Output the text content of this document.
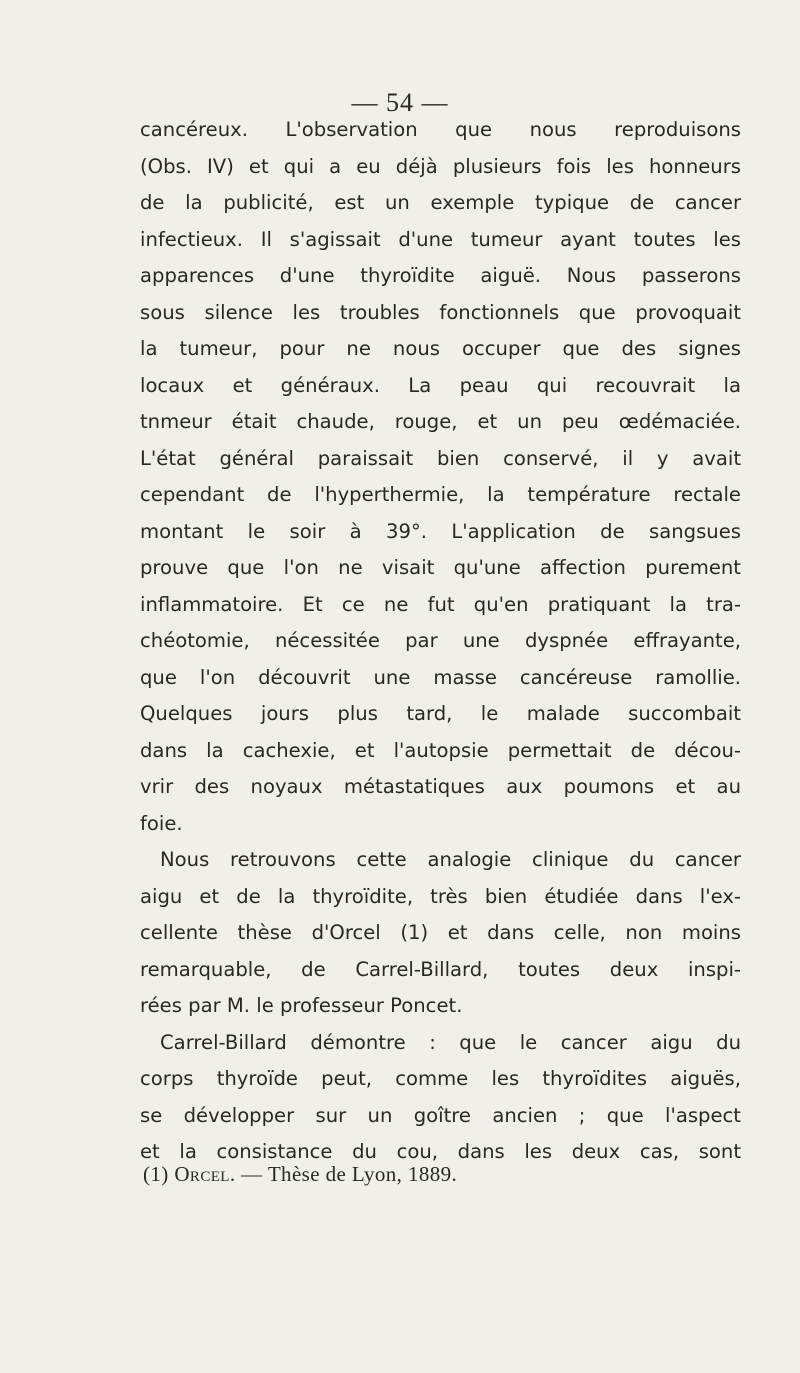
— 54 —
cancéreux. L'observation que nous reproduisons
(Obs. IV) et qui a eu déjà plusieurs fois les honneurs
de la publicité, est un exemple typique de cancer
infectieux. Il s'agissait d'une tumeur ayant toutes les
apparences d'une thyroïdite aiguë. Nous passerons
sous silence les troubles fonctionnels que provoquait
la tumeur, pour ne nous occuper que des signes
locaux et généraux. La peau qui recouvrait la
tnmeur était chaude, rouge, et un peu œdémaciée.
L'état général paraissait bien conservé, il y avait
cependant de l'hyperthermie, la température rectale
montant le soir à 39°. L'application de sangsues
prouve que l'on ne visait qu'une affection purement
inflammatoire. Et ce ne fut qu'en pratiquant la tra-
chéotomie, nécessitée par une dyspnée effrayante,
que l'on découvrit une masse cancéreuse ramollie.
Quelques jours plus tard, le malade succombait
dans la cachexie, et l'autopsie permettait de décou-
vrir des noyaux métastatiques aux poumons et au
foie.
Nous retrouvons cette analogie clinique du cancer
aigu et de la thyroïdite, très bien étudiée dans l'ex-
cellente thèse d'Orcel (1) et dans celle, non moins
remarquable, de Carrel-Billard, toutes deux inspi-
rées par M. le professeur Poncet.
Carrel-Billard démontre : que le cancer aigu du
corps thyroïde peut, comme les thyroïdites aiguës,
se développer sur un goître ancien ; que l'aspect
et la consistance du cou, dans les deux cas, sont
(1) Orcel. — Thèse de Lyon, 1889.
